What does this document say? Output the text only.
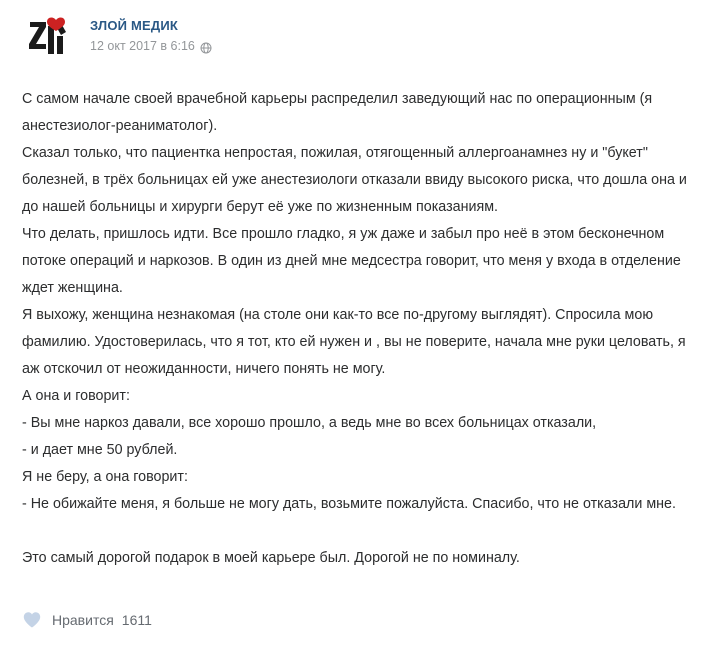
ЗЛОЙ МЕДИК
12 окт 2017 в 6:16

С самом начале своей врачебной карьеры распределил заведующий нас по операционным (я анестезиолог-реаниматолог).

Сказал только, что пациентка непростая, пожилая, отягощенный аллергоанамнез ну и "букет" болезней, в трёх больницах ей уже анестезиологи отказали ввиду высокого риска, что дошла она и до нашей больницы и хирурги берут её уже по жизненным показаниям.

Что делать, пришлось идти. Все прошло гладко, я уж даже и забыл про неё в этом бесконечном потоке операций и наркозов. В один из дней мне медсестра говорит, что меня у входа в отделение ждет женщина.

Я выхожу, женщина незнакомая (на столе они как-то все по-другому выглядят). Спросила мою фамилию. Удостоверилась, что я тот, кто ей нужен и , вы не поверите, начала мне руки целовать, я аж отскочил от неожиданности, ничего понять не могу.

А она и говорит:

- Вы мне наркоз давали, все хорошо прошло, а ведь мне во всех больницах отказали,

- и дает мне 50 рублей.

Я не беру, а она говорит:

- Не обижайте меня, я больше не могу дать, возьмите пожалуйста. Спасибо, что не отказали мне.

Это самый дорогой подарок в моей карьере был. Дорогой не по номиналу.

Нравится 1611
